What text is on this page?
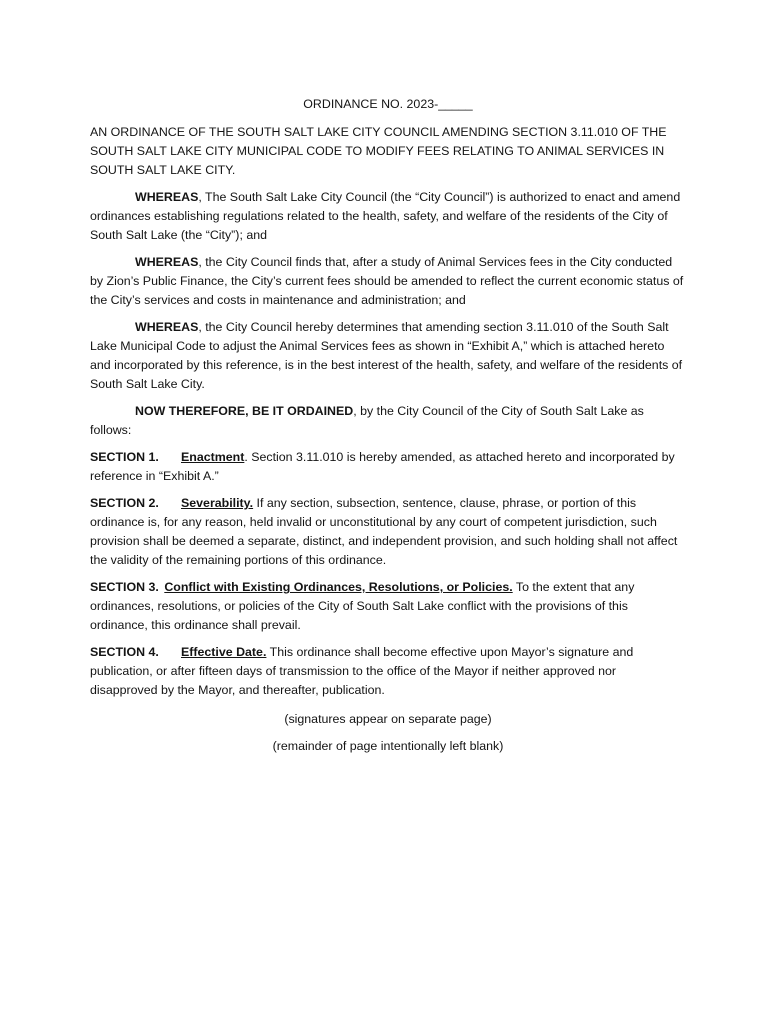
ORDINANCE NO. 2023-_____
AN ORDINANCE OF THE SOUTH SALT LAKE CITY COUNCIL AMENDING SECTION 3.11.010 OF THE SOUTH SALT LAKE CITY MUNICIPAL CODE TO MODIFY FEES RELATING TO ANIMAL SERVICES IN SOUTH SALT LAKE CITY.

WHEREAS, The South Salt Lake City Council (the “City Council”) is authorized to enact and amend ordinances establishing regulations related to the health, safety, and welfare of the residents of the City of South Salt Lake (the “City”); and

WHEREAS, the City Council finds that, after a study of Animal Services fees in the City conducted by Zion’s Public Finance, the City’s current fees should be amended to reflect the current economic status of the City’s services and costs in maintenance and administration; and

WHEREAS, the City Council hereby determines that amending section 3.11.010 of the South Salt Lake Municipal Code to adjust the Animal Services fees as shown in “Exhibit A,” which is attached hereto and incorporated by this reference, is in the best interest of the health, safety, and welfare of the residents of South Salt Lake City.

NOW THEREFORE, BE IT ORDAINED, by the City Council of the City of South Salt Lake as follows:

SECTION 1. Enactment. Section 3.11.010 is hereby amended, as attached hereto and incorporated by reference in “Exhibit A.”

SECTION 2. Severability. If any section, subsection, sentence, clause, phrase, or portion of this ordinance is, for any reason, held invalid or unconstitutional by any court of competent jurisdiction, such provision shall be deemed a separate, distinct, and independent provision, and such holding shall not affect the validity of the remaining portions of this ordinance.

SECTION 3. Conflict with Existing Ordinances, Resolutions, or Policies. To the extent that any ordinances, resolutions, or policies of the City of South Salt Lake conflict with the provisions of this ordinance, this ordinance shall prevail.

SECTION 4. Effective Date. This ordinance shall become effective upon Mayor’s signature and publication, or after fifteen days of transmission to the office of the Mayor if neither approved nor disapproved by the Mayor, and thereafter, publication.

(signatures appear on separate page)
(remainder of page intentionally left blank)
